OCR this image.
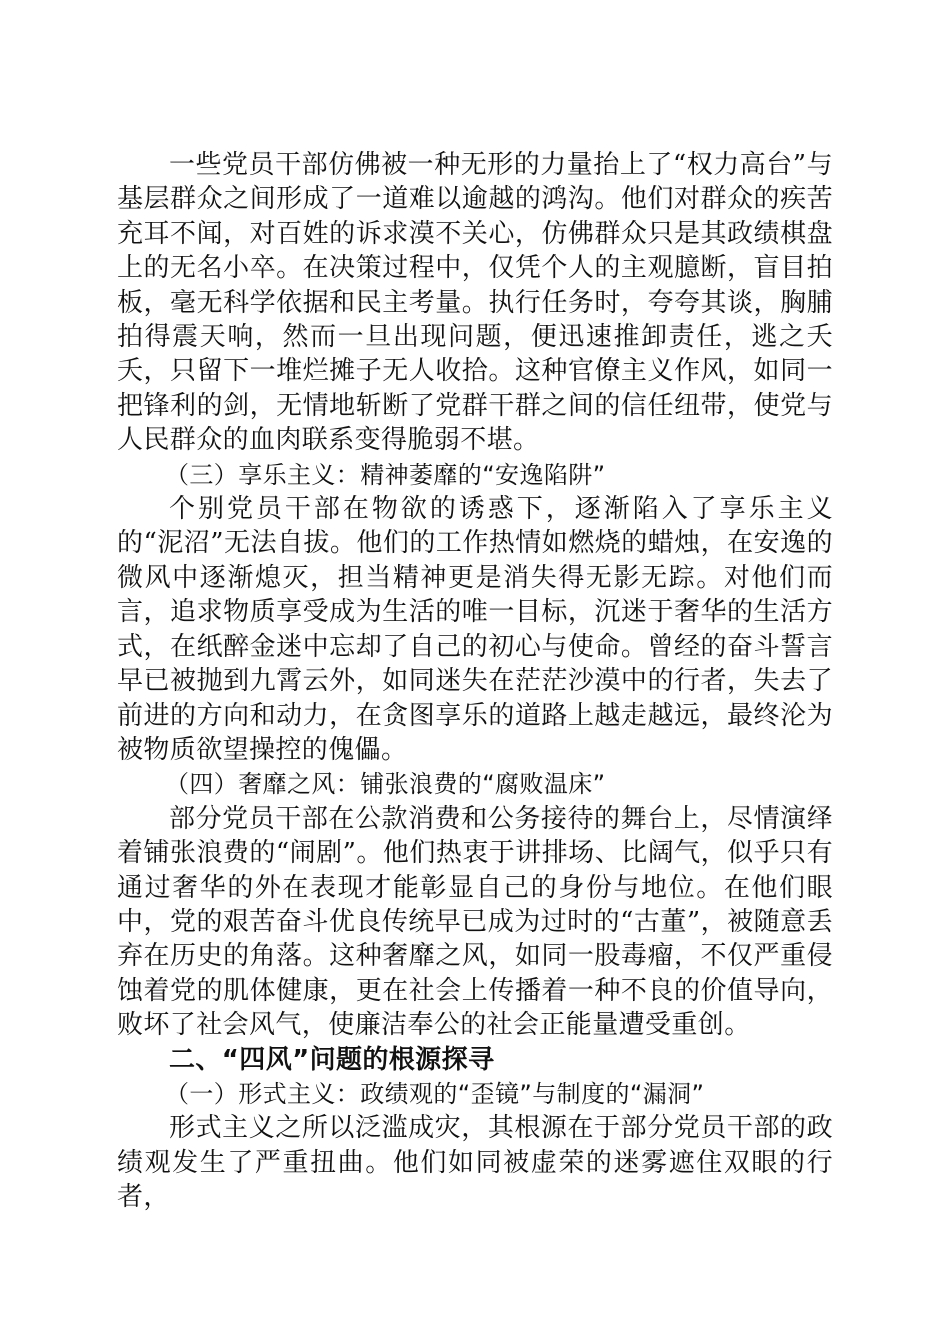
一些党员干部仿佛被一种无形的力量抬上了“权力高台”与基层群众之间形成了一道难以逾越的鸿沟。他们对群众的疾苦充耳不闻，对百姓的诉求漠不关心，仿佛群众只是其政绩棋盘上的无名小卒。在决策过程中，仅凭个人的主观臆断，盲目拍板，毫无科学依据和民主考量。执行任务时，夸夸其谈，胸脯拍得震天响，然而一旦出现问题，便迅速推卸责任，逃之夭夭，只留下一堆烂摊子无人收拾。这种官僚主义作风，如同一把锋利的剑，无情地斩断了党群干群之间的信任纽带，使党与人民群众的血肉联系变得脆弱不堪。

（三）享乐主义：精神萎靡的“安逸陷阱”

个别党员干部在物欲的诱惑下，逐渐陷入了享乐主义的“泥沼”无法自拔。他们的工作热情如燃烧的蜡烛，在安逸的微风中逐渐熄灭，担当精神更是消失得无影无踪。对他们而言，追求物质享受成为生活的唯一目标，沉迷于奢华的生活方式，在纸醉金迷中忘却了自己的初心与使命。曾经的奋斗誓言早已被抛到九霄云外，如同迷失在茫茫沙漠中的行者，失去了前进的方向和动力，在贪图享乐的道路上越走越远，最终沦为被物质欲望操控的傀儡。

（四）奢靡之风：铺张浪费的“腐败温床”

部分党员干部在公款消费和公务接待的舞台上，尽情演绎着铺张浪费的“闹剧”。他们热衷于讲排场、比阔气，似乎只有通过奢华的外在表现才能彰显自己的身份与地位。在他们眼中，党的艰苦奋斗优良传统早已成为过时的“古董”，被随意丢弃在历史的角落。这种奢靡之风，如同一股毒瘤，不仅严重侵蚀着党的肌体健康，更在社会上传播着一种不良的价值导向，败坏了社会风气，使廉洁奉公的社会正能量遭受重创。

二、“四风”问题的根源探寻
（一）形式主义：政绩观的“歪镜”与制度的“漏洞”

形式主义之所以泛滥成灾，其根源在于部分党员干部的政绩观发生了严重扭曲。他们如同被虚荣的迷雾遮住双眼的行者，
